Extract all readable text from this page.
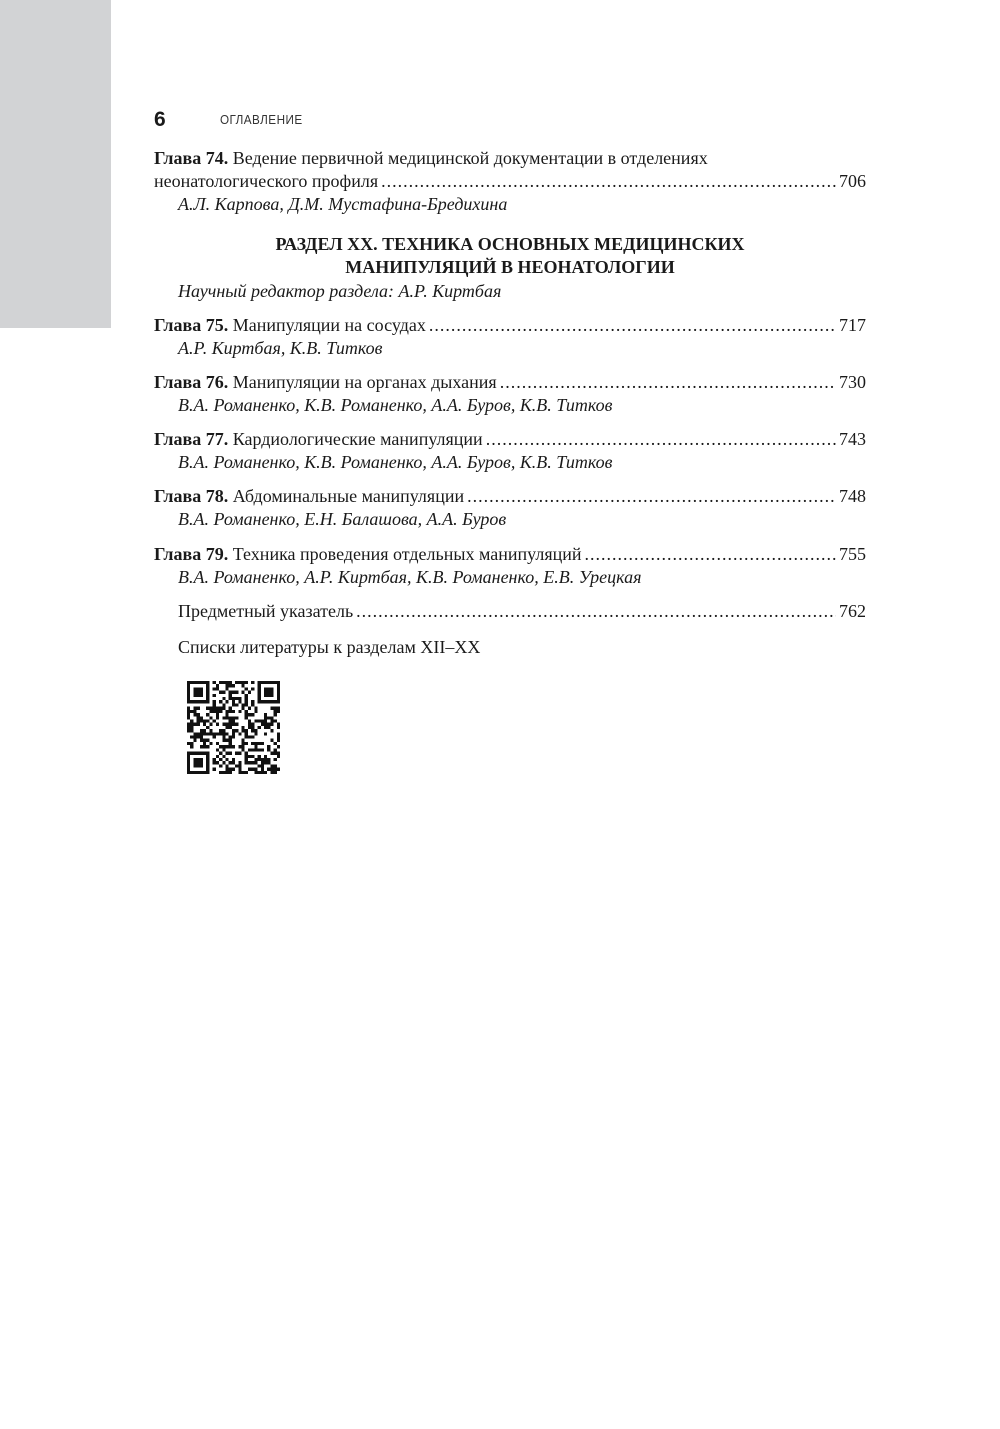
6	ОГЛАВЛЕНИЕ
Глава 74. Ведение первичной медицинской документации в отделениях
неонатологического профиля .....	706
А.Л. Карпова, Д.М. Мустафина-Бредихина
РАЗДЕЛ XX. ТЕХНИКА ОСНОВНЫХ МЕДИЦИНСКИХ
МАНИПУЛЯЦИЙ В НЕОНАТОЛОГИИ
Научный редактор раздела: А.Р. Киртбая
Глава 75. Манипуляции на сосудах .....	717
А.Р. Киртбая, К.В. Титков
Глава 76. Манипуляции на органах дыхания .....	730
В.А. Романенко, К.В. Романенко, А.А. Буров, К.В. Титков
Глава 77. Кардиологические манипуляции .....	743
В.А. Романенко, К.В. Романенко, А.А. Буров, К.В. Титков
Глава 78. Абдоминальные манипуляции .....	748
В.А. Романенко, Е.Н. Балашова, А.А. Буров
Глава 79. Техника проведения отдельных манипуляций .....	755
В.А. Романенко, А.Р. Киртбая, К.В. Романенко, Е.В. Урецкая
Предметный указатель .....	762
Списки литературы к разделам XII–XX
